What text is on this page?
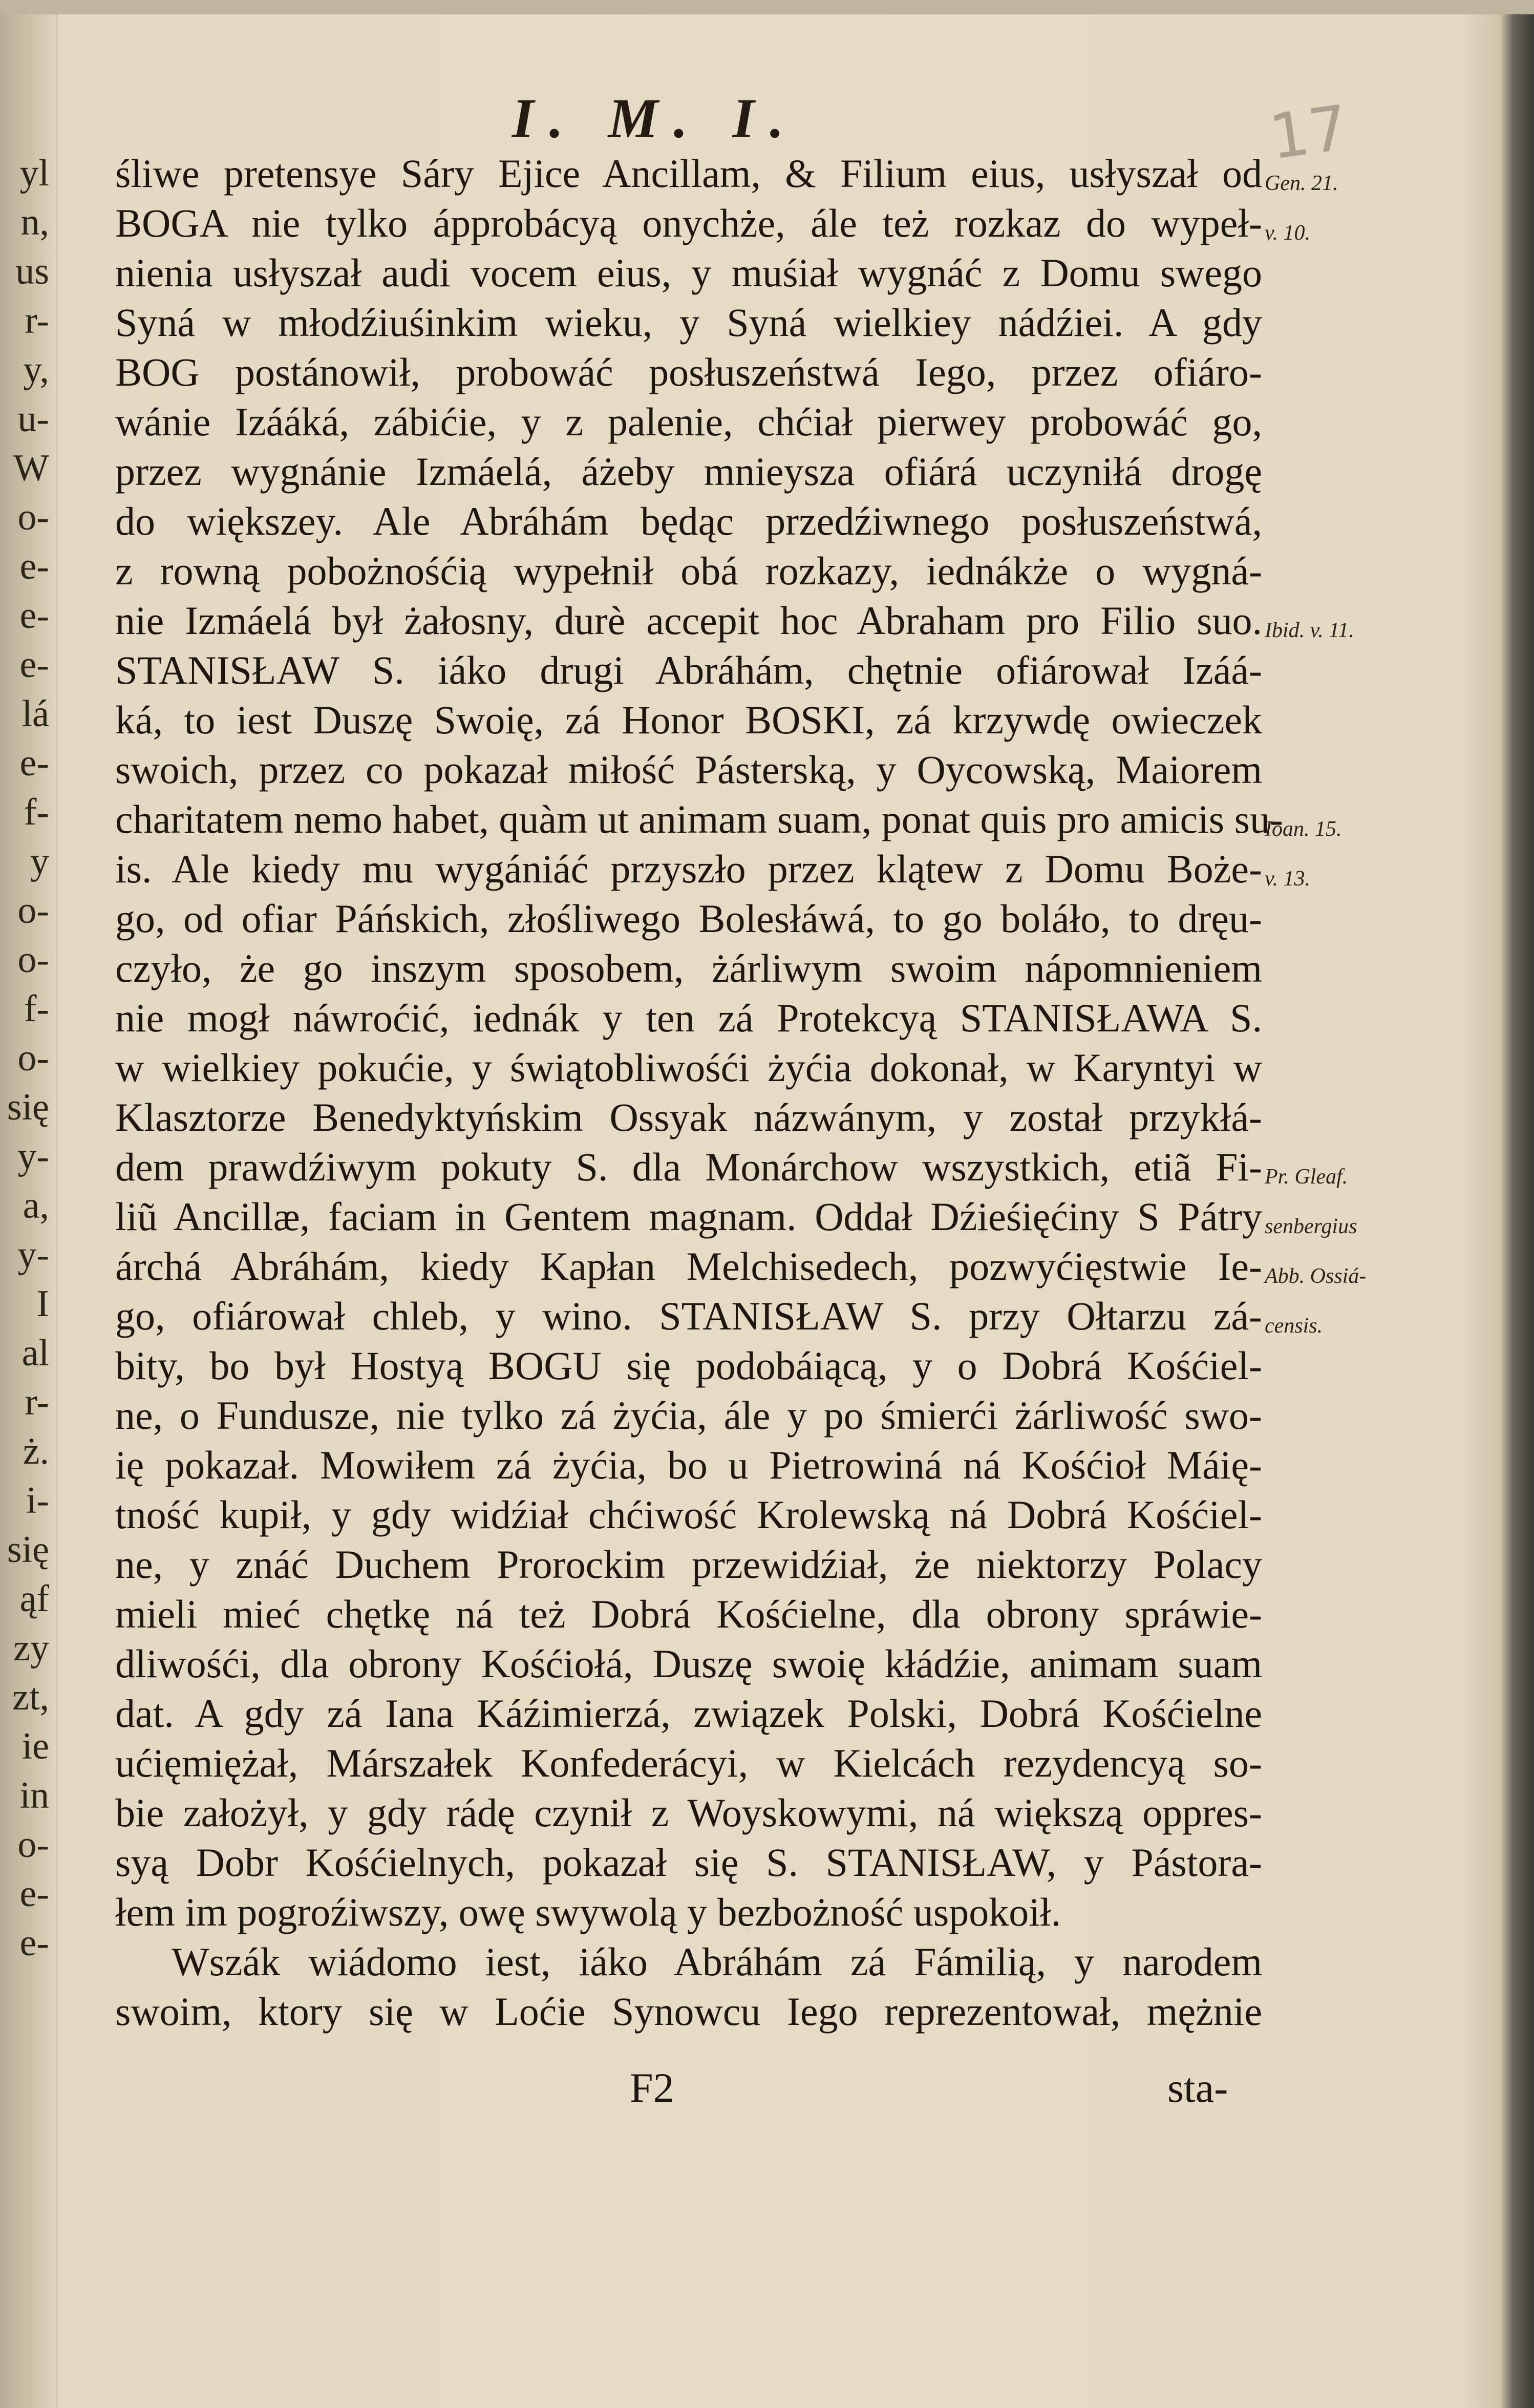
yl
n,
us
r-
y,
u-
W
o-
e-
e-
e-
lá
e-
f-
y
o-
o-
f-
o-
się
y-
a,
y-
I
al
r-
ż.
i-
się
ąf
zy
zt,
ie
in
o-
e-
e-
I. M. I.	17
śliwe pretensye Sáry Ejice Ancillam, & Filium eius, usłyszał od
BOGA nie tylko ápprobácyą onychże, ále też rozkaz do wypeł-
nienia usłyszał audi vocem eius, y muśiał wygnáć z Domu swego
Syná w młodźiuśinkim wieku, y Syná wielkiey nádźiei. A gdy
BOG postánowił, probowáć posłuszeństwá Iego, przez ofiáro-
wánie Izááká, zábićie, y z palenie, chćiał pierwey probowáć go,
przez wygnánie Izmáelá, áżeby mnieysza ofiárá uczyniłá drogę
do większey. Ale Abráhám będąc przedźiwnego posłuszeństwá,
z rowną pobożnośćią wypełnił obá rozkazy, iednákże o wygná-
nie Izmáelá był żałosny, durè accepit hoc Abraham pro Filio suo.
STANISŁAW S. iáko drugi Abráhám, chętnie ofiárował Izáá-
ká, to iest Duszę Swoię, zá Honor BOSKI, zá krzywdę owieczek
swoich, przez co pokazał miłość Pásterską, y Oycowską, Maiorem
charitatem nemo habet, quàm ut animam suam, ponat quis pro amicis su-
is. Ale kiedy mu wygániáć przyszło przez klątew z Domu Boże-
go, od ofiar Páńskich, złośliwego Bolesłáwá, to go boláło, to dręu-
czyło, że go inszym sposobem, żárliwym swoim nápomnieniem
nie mogł náwroćić, iednák y ten zá Protekcyą STANISŁAWA S.
w wielkiey pokućie, y świątobliwośći żyćia dokonał, w Karyntyi w
Klasztorze Benedyktyńskim Ossyak názwánym, y został przykłá-
dem prawdźiwym pokuty S. dla Monárchow wszystkich, etiã Fi-
liũ Ancillæ, faciam in Gentem magnam. Oddał Dźieśięćiny S Pátry
árchá Abráhám, kiedy Kapłan Melchisedech, pozwyćięstwie Ie-
go, ofiárował chleb, y wino. STANISŁAW S. przy Ołtarzu zá-
bity, bo był Hostyą BOGU się podobáiącą, y o Dobrá Kośćiel-
ne, o Fundusze, nie tylko zá żyćia, ále y po śmierći żárliwość swo-
ię pokazał. Mowiłem zá żyćia, bo u Pietrowiná ná Kośćioł Máię-
tność kupił, y gdy widźiał chćiwość Krolewską ná Dobrá Kośćiel-
ne, y znáć Duchem Prorockim przewidźiał, że niektorzy Polacy
mieli mieć chętkę ná też Dobrá Kośćielne, dla obrony spráwie-
dliwośći, dla obrony Kośćiołá, Duszę swoię kłádźie, animam suam
dat. A gdy zá Iana Káźimierzá, związek Polski, Dobrá Kośćielne
ućięmiężał, Márszałek Konfederácyi, w Kielcách rezydencyą so-
bie założył, y gdy rádę czynił z Woyskowymi, ná większą oppres-
syą Dobr Kośćielnych, pokazał się S. STANISŁAW, y Pástora-
łem im pogroźiwszy, owę swywolą y bezbożność uspokoił.
Wszák wiádomo iest, iáko Abráhám zá Fámilią, y narodem
swoim, ktory się w Loćie Synowcu Iego reprezentował, mężnie
Gen. 21.
v. 10.
Ibid. v. 11.
Ioan. 15.
v. 13.
Pr. Gleaf.
senbergius
Abb. Ossiá-
censis.
F2	sta-
